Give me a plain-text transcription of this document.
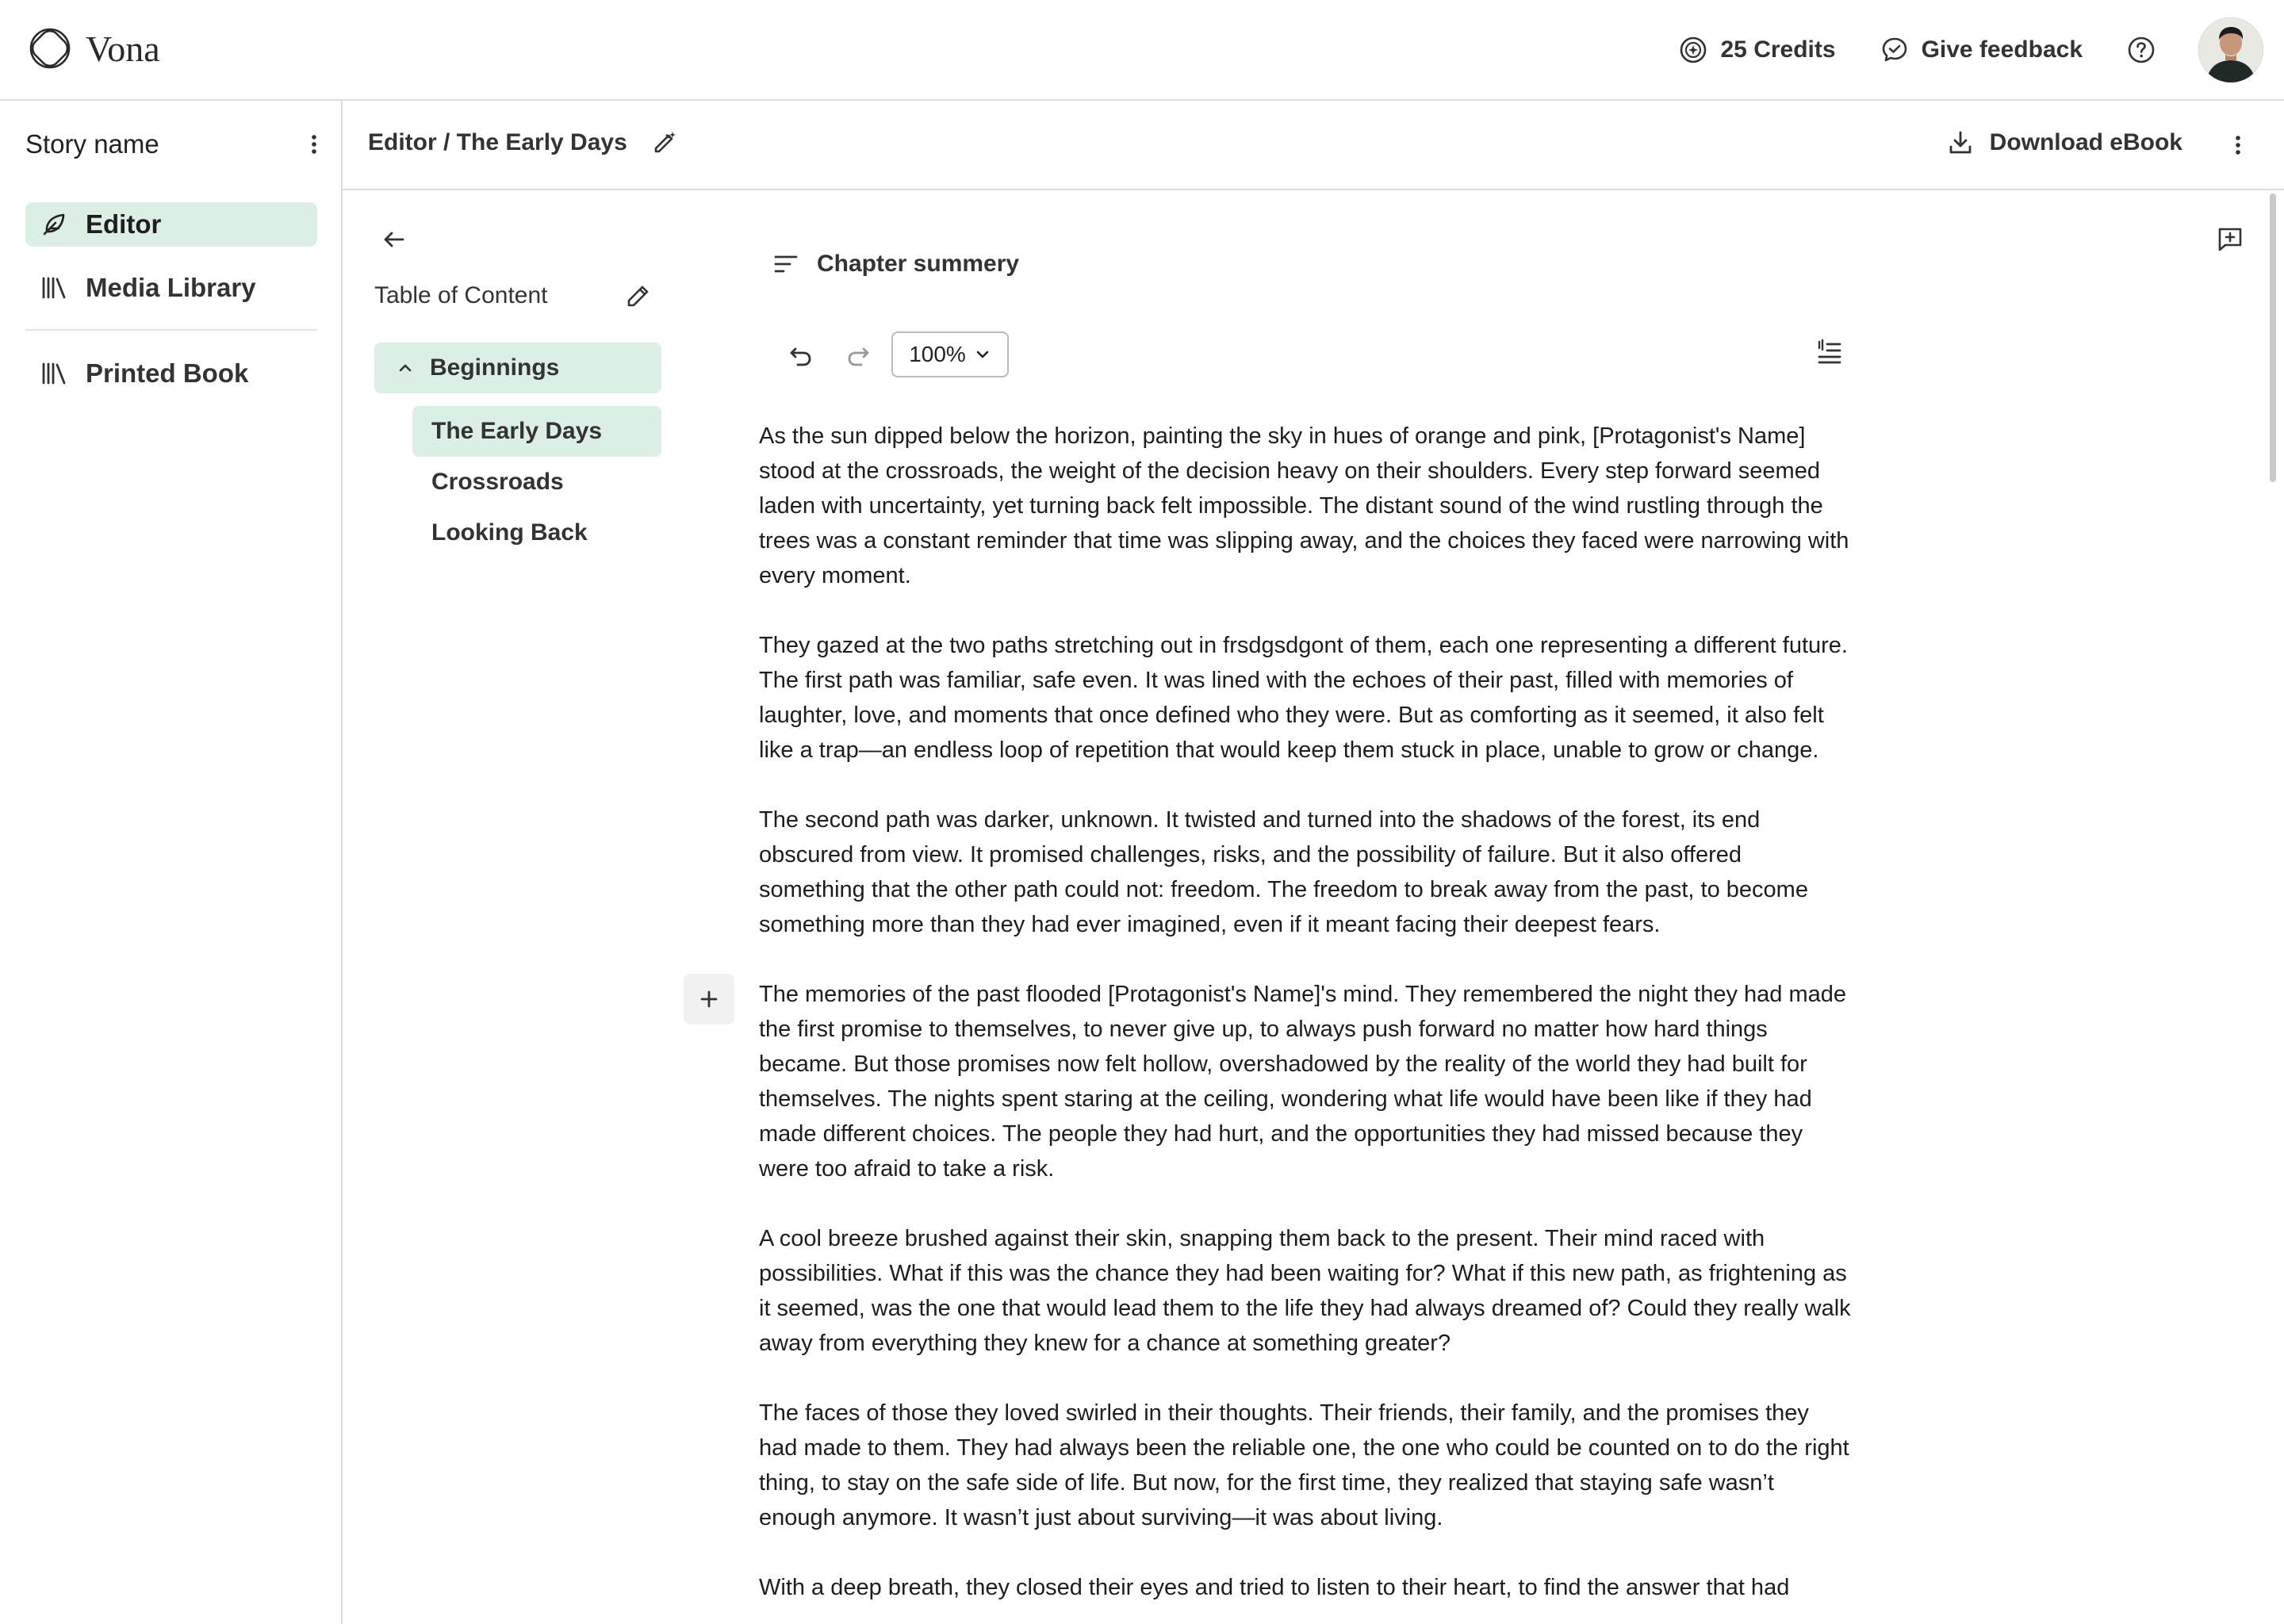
Vona	25 Credits	Give feedback
Story name
Editor
Media Library
Printed Book
Editor / The Early Days	Download eBook
Table of Content
Beginnings
The Early Days
Crossroads
Looking Back
Chapter summery
100%

As the sun dipped below the horizon, painting the sky in hues of orange and pink, [Protagonist's Name] stood at the crossroads, the weight of the decision heavy on their shoulders. Every step forward seemed laden with uncertainty, yet turning back felt impossible. The distant sound of the wind rustling through the trees was a constant reminder that time was slipping away, and the choices they faced were narrowing with every moment.

They gazed at the two paths stretching out in frsdgsdgont of them, each one representing a different future. The first path was familiar, safe even. It was lined with the echoes of their past, filled with memories of laughter, love, and moments that once defined who they were. But as comforting as it seemed, it also felt like a trap—an endless loop of repetition that would keep them stuck in place, unable to grow or change.

The second path was darker, unknown. It twisted and turned into the shadows of the forest, its end obscured from view. It promised challenges, risks, and the possibility of failure. But it also offered something that the other path could not: freedom. The freedom to break away from the past, to become something more than they had ever imagined, even if it meant facing their deepest fears.

The memories of the past flooded [Protagonist's Name]'s mind. They remembered the night they had made the first promise to themselves, to never give up, to always push forward no matter how hard things became. But those promises now felt hollow, overshadowed by the reality of the world they had built for themselves. The nights spent staring at the ceiling, wondering what life would have been like if they had made different choices. The people they had hurt, and the opportunities they had missed because they were too afraid to take a risk.

A cool breeze brushed against their skin, snapping them back to the present. Their mind raced with possibilities. What if this was the chance they had been waiting for? What if this new path, as frightening as it seemed, was the one that would lead them to the life they had always dreamed of? Could they really walk away from everything they knew for a chance at something greater?

The faces of those they loved swirled in their thoughts. Their friends, their family, and the promises they had made to them. They had always been the reliable one, the one who could be counted on to do the right thing, to stay on the safe side of life. But now, for the first time, they realized that staying safe wasn’t enough anymore. It wasn’t just about surviving—it was about living.

With a deep breath, they closed their eyes and tried to listen to their heart, to find the answer that had
